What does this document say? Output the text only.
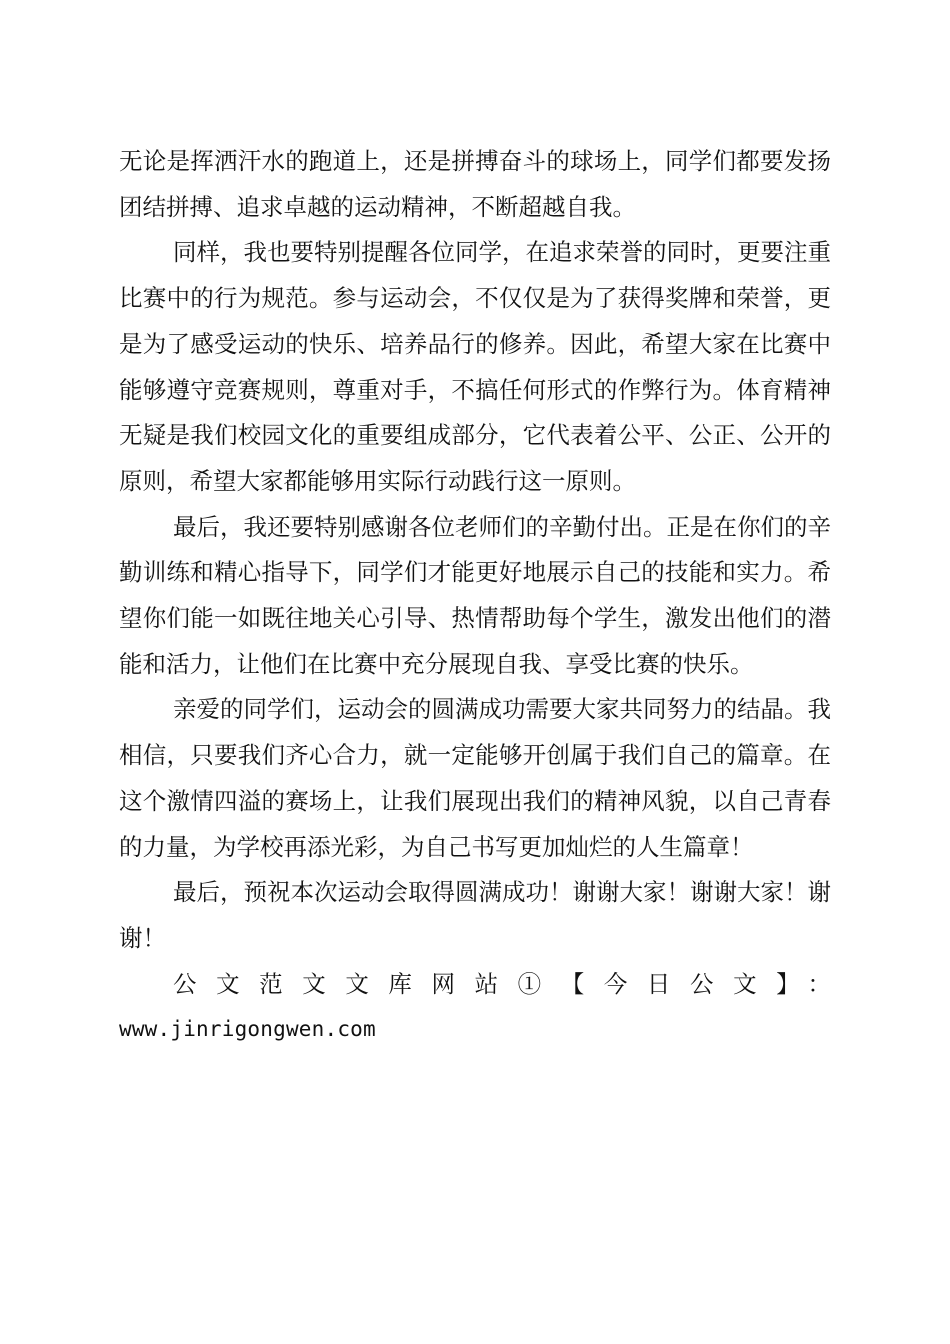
无论是挥洒汗水的跑道上，还是拼搏奋斗的球场上，同学们都要发扬团结拼搏、追求卓越的运动精神，不断超越自我。

同样，我也要特别提醒各位同学，在追求荣誉的同时，更要注重比赛中的行为规范。参与运动会，不仅仅是为了获得奖牌和荣誉，更是为了感受运动的快乐、培养品行的修养。因此，希望大家在比赛中能够遵守竞赛规则，尊重对手，不搞任何形式的作弊行为。体育精神无疑是我们校园文化的重要组成部分，它代表着公平、公正、公开的原则，希望大家都能够用实际行动践行这一原则。

最后，我还要特别感谢各位老师们的辛勤付出。正是在你们的辛勤训练和精心指导下，同学们才能更好地展示自己的技能和实力。希望你们能一如既往地关心引导、热情帮助每个学生，激发出他们的潜能和活力，让他们在比赛中充分展现自我、享受比赛的快乐。

亲爱的同学们，运动会的圆满成功需要大家共同努力的结晶。我相信，只要我们齐心合力，就一定能够开创属于我们自己的篇章。在这个激情四溢的赛场上，让我们展现出我们的精神风貌，以自己青春的力量，为学校再添光彩，为自己书写更加灿烂的人生篇章！

最后，预祝本次运动会取得圆满成功！谢谢大家！谢谢大家！谢谢！

公文范文文库网站①【今日公文】：
www.jinrigongwen.com
